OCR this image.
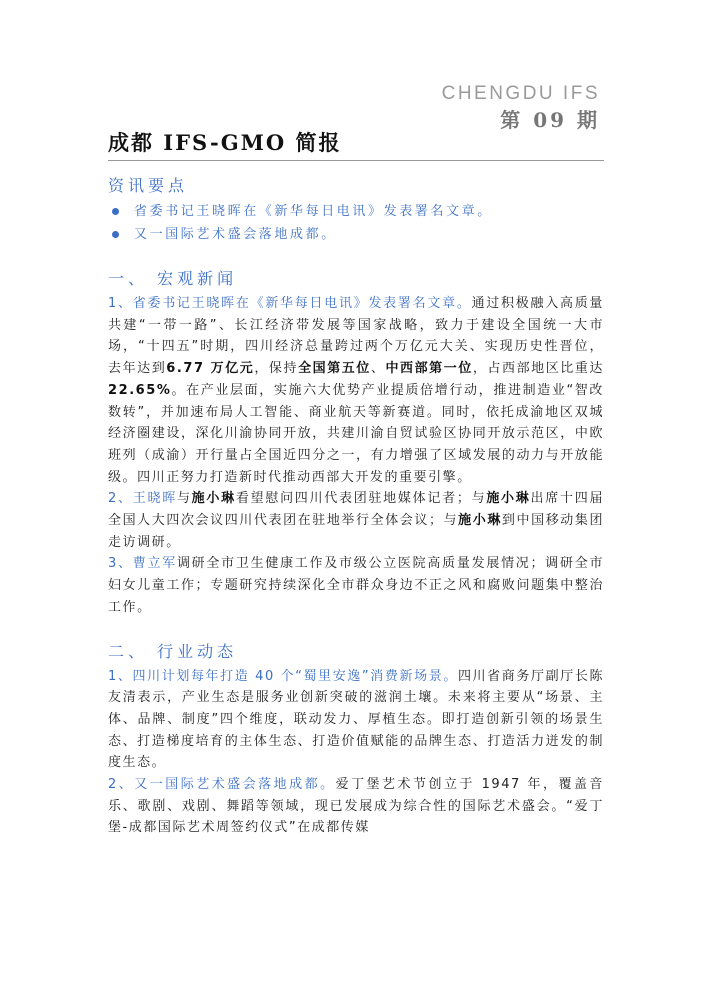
CHENGDU IFS
第 09 期
成都 IFS-GMO 简报
资讯要点
省委书记王晓晖在《新华每日电讯》发表署名文章。
又一国际艺术盛会落地成都。
一、 宏观新闻

1、省委书记王晓晖在《新华每日电讯》发表署名文章。通过积极融入高质量共建“一带一路”、长江经济带发展等国家战略，致力于建设全国统一大市场，“十四五”时期，四川经济总量跨过两个万亿元大关、实现历史性晋位，去年达到6.77 万亿元，保持全国第五位、中西部第一位，占西部地区比重达22.65%。在产业层面，实施六大优势产业提质倍增行动，推进制造业“智改数转”，并加速布局人工智能、商业航天等新赛道。同时，依托成渝地区双城经济圈建设，深化川渝协同开放，共建川渝自贸试验区协同开放示范区，中欧班列（成渝）开行量占全国近四分之一，有力增强了区域发展的动力与开放能级。四川正努力打造新时代推动西部大开发的重要引擎。

2、王晓晖与施小琳看望慰问四川代表团驻地媒体记者；与施小琳出席十四届全国人大四次会议四川代表团在驻地举行全体会议；与施小琳到中国移动集团走访调研。

3、曹立军调研全市卫生健康工作及市级公立医院高质量发展情况；调研全市妇女儿童工作；专题研究持续深化全市群众身边不正之风和腐败问题集中整治工作。

二、 行业动态

1、四川计划每年打造 40 个“蜀里安逸”消费新场景。四川省商务厅副厅长陈友清表示，产业生态是服务业创新突破的滋润土壤。未来将主要从“场景、主体、品牌、制度”四个维度，联动发力、厚植生态。即打造创新引领的场景生态、打造梯度培育的主体生态、打造价值赋能的品牌生态、打造活力迸发的制度生态。

2、又一国际艺术盛会落地成都。爱丁堡艺术节创立于 1947 年，覆盖音乐、歌剧、戏剧、舞蹈等领域，现已发展成为综合性的国际艺术盛会。“爱丁堡-成都国际艺术周签约仪式”在成都传媒
